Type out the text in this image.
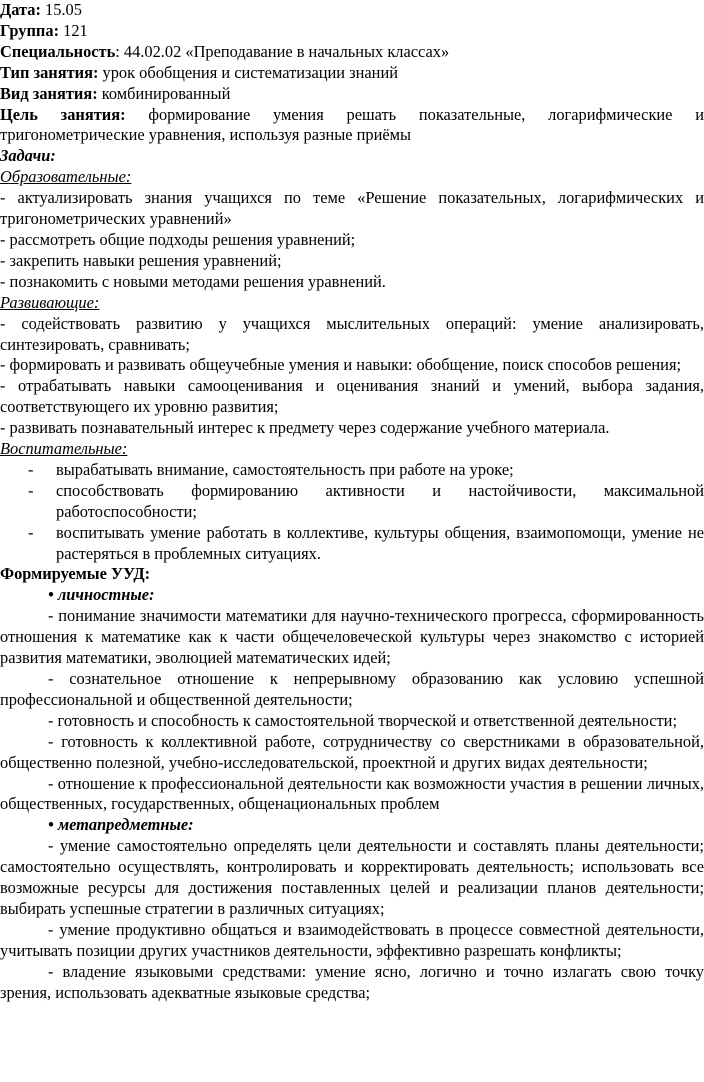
Дата: 15.05

Группа: 121

Специальность: 44.02.02 «Преподавание в начальных классах»

Тип занятия: урок обобщения и систематизации знаний

Вид занятия: комбинированный

Цель занятия: формирование умения решать показательные, логарифмические и тригонометрические уравнения, используя разные приёмы

Задачи:

Образовательные:

- актуализировать знания учащихся по теме «Решение показательных, логарифмических и тригонометрических уравнений»

- рассмотреть общие подходы решения уравнений;

- закрепить навыки решения уравнений;

- познакомить с новыми методами решения уравнений.

Развивающие:

- содействовать развитию у учащихся мыслительных операций: умение анализировать, синтезировать, сравнивать;

- формировать и развивать общеучебные умения и навыки: обобщение, поиск способов решения;

- отрабатывать навыки самооценивания и оценивания знаний и умений, выбора задания, соответствующего их уровню развития;

- развивать познавательный интерес к предмету через содержание учебного материала.

Воспитательные:

- вырабатывать внимание, самостоятельность при работе на уроке;
- способствовать формированию активности и настойчивости, максимальной работоспособности;
- воспитывать умение работать в коллективе, культуры общения, взаимопомощи, умение не растеряться в проблемных ситуациях.

Формируемые УУД:

• личностные:

- понимание значимости математики для научно-технического прогресса, сформированность отношения к математике как к части общечеловеческой культуры через знакомство с историей развития математики, эволюцией математических идей;

- сознательное отношение к непрерывному образованию как условию успешной профессиональной и общественной деятельности;

- готовность и способность к самостоятельной творческой и ответственной деятельности;

- готовность к коллективной работе, сотрудничеству со сверстниками в образовательной, общественно полезной, учебно-исследовательской, проектной и других видах деятельности;

- отношение к профессиональной деятельности как возможности участия в решении личных, общественных, государственных, общенациональных проблем

• метапредметные:

- умение самостоятельно определять цели деятельности и составлять планы деятельности; самостоятельно осуществлять, контролировать и корректировать деятельность; использовать все возможные ресурсы для достижения поставленных целей и реализации планов деятельности; выбирать успешные стратегии в различных ситуациях;

- умение продуктивно общаться и взаимодействовать в процессе совместной деятельности, учитывать позиции других участников деятельности, эффективно разрешать конфликты;

- владение языковыми средствами: умение ясно, логично и точно излагать свою точку зрения, использовать адекватные языковые средства;
